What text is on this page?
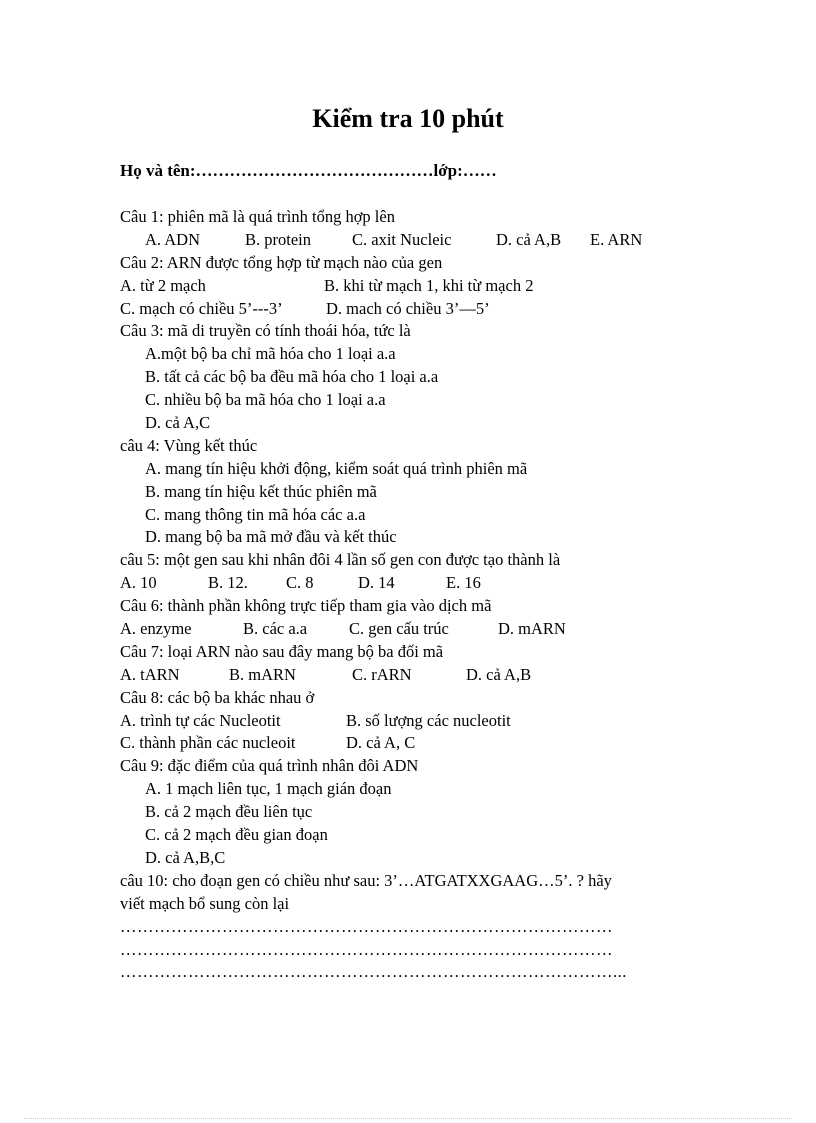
Kiểm tra 10 phút
Họ và tên:……………………………………lớp:……
Câu 1: phiên mã là quá trình tổng hợp lên
A. ADN	B. protein C. axit Nucleic	D. cả A,B E. ARN
Câu 2: ARN được tổng hợp từ mạch nào của gen
A. từ 2 mạch	B. khi từ mạch 1, khi từ mạch 2
C. mạch có chiều 5’---3’	D. mach có chiều 3’—5’
Câu 3: mã di truyền có tính thoái hóa, tức là
A.một bộ ba chỉ mã hóa cho 1 loại a.a
B. tất cả các bộ ba đều mã hóa cho 1 loại a.a
C. nhiều bộ ba mã hóa cho 1 loại a.a
D. cả A,C
câu 4: Vùng kết thúc
A. mang tín hiệu khởi động, kiểm soát quá trình phiên mã
B. mang tín hiệu kết thúc phiên mã
C. mang thông tin mã hóa các a.a
D. mang bộ ba mã mở đầu và kết thúc
câu 5: một gen sau khi nhân đôi 4 lần số gen con được tạo thành là
A. 10	B. 12. C. 8	D. 14	E. 16
Câu 6: thành phần không trực tiếp tham gia vào dịch mã
A. enzyme	B. các a.a	C. gen cấu trúc	D. mARN
Câu 7: loại ARN nào sau đây mang bộ ba đối mã
A. tARN	B. mARN	C. rARN	D. cả A,B
Câu 8: các bộ ba khác nhau ở
A. trình tự các Nucleotit	B. số lượng các nucleotit
C. thành phần các nucleoit	D. cả A, C
Câu 9: đặc điểm của quá trình nhân đôi ADN
A. 1 mạch liên tục, 1 mạch gián đoạn
B. cả 2 mạch đều liên tục
C. cả 2 mạch đều gian đoạn
D. cả A,B,C
câu 10: cho đoạn gen có chiều như sau: 3’…ATGATXXGAAG…5’. ? hãy
viết mạch bổ sung còn lại
……………………………………………………………………………
……………………………………………………………………………
……………………………………………………………………………...
